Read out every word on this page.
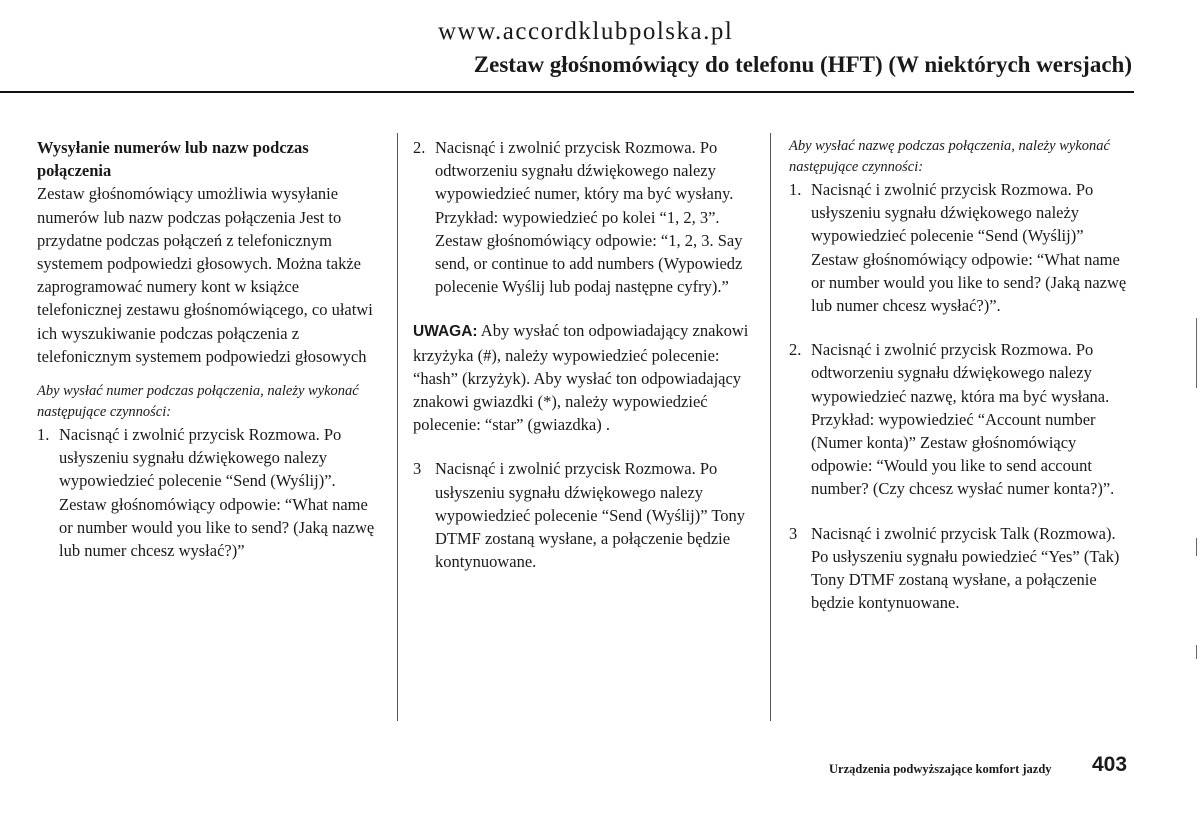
www.accordklubpolska.pl
Zestaw głośnomówiący do telefonu (HFT) (W niektórych wersjach)

Wysyłanie numerów lub nazw podczas połączenia

Zestaw głośnomówiący umożliwia wysyłanie numerów lub nazw podczas połączenia Jest to przydatne podczas połączeń z telefonicznym systemem podpowiedzi głosowych. Można także zaprogramować numery kont w książce telefonicznej zestawu głośnomówiącego, co ułatwi ich wyszukiwanie podczas połączenia z telefonicznym systemem podpowiedzi głosowych

Aby wysłać numer podczas połączenia, należy wykonać następujące czynności:

1. Nacisnąć i zwolnić przycisk Rozmowa. Po usłyszeniu sygnału dźwiękowego nalezy wypowiedzieć polecenie “Send (Wyślij)”. Zestaw głośnomówiący odpowie: “What name or number would you like to send? (Jaką nazwę lub numer chcesz wysłać?)”
2. Nacisnąć i zwolnić przycisk Rozmowa. Po odtworzeniu sygnału dźwiękowego nalezy wypowiedzieć numer, który ma być wysłany. Przykład: wypowiedzieć po kolei “1, 2, 3”. Zestaw głośnomówiący odpowie: “1, 2, 3. Say send, or continue to add numbers (Wypowiedz polecenie Wyślij lub podaj następne cyfry).”

UWAGA: Aby wysłać ton odpowiadający znakowi krzyżyka (#), należy wypowiedzieć polecenie: “hash” (krzyżyk). Aby wysłać ton odpowiadający znakowi gwiazdki (*), należy wypowiedzieć polecenie: “star” (gwiazdka) .

3 Nacisnąć i zwolnić przycisk Rozmowa. Po usłyszeniu sygnału dźwiękowego nalezy wypowiedzieć polecenie “Send (Wyślij)” Tony DTMF zostaną wysłane, a połączenie będzie kontynuowane.

Aby wysłać nazwę podczas połączenia, należy wykonać następujące czynności:

1. Nacisnąć i zwolnić przycisk Rozmowa. Po usłyszeniu sygnału dźwiękowego należy wypowiedzieć polecenie “Send (Wyślij)” Zestaw głośnomówiący odpowie: “What name or number would you like to send? (Jaką nazwę lub numer chcesz wysłać?)”.
2. Nacisnąć i zwolnić przycisk Rozmowa. Po odtworzeniu sygnału dźwiękowego nalezy wypowiedzieć nazwę, która ma być wysłana. Przykład: wypowiedzieć “Account number (Numer konta)” Zestaw głośnomówiący odpowie: “Would you like to send account number? (Czy chcesz wysłać numer konta?)”.
3 Nacisnąć i zwolnić przycisk Talk (Rozmowa). Po usłyszeniu sygnału powiedzieć “Yes” (Tak) Tony DTMF zostaną wysłane, a połączenie będzie kontynuowane.
Urządzenia podwyższające komfort jazdy 403
